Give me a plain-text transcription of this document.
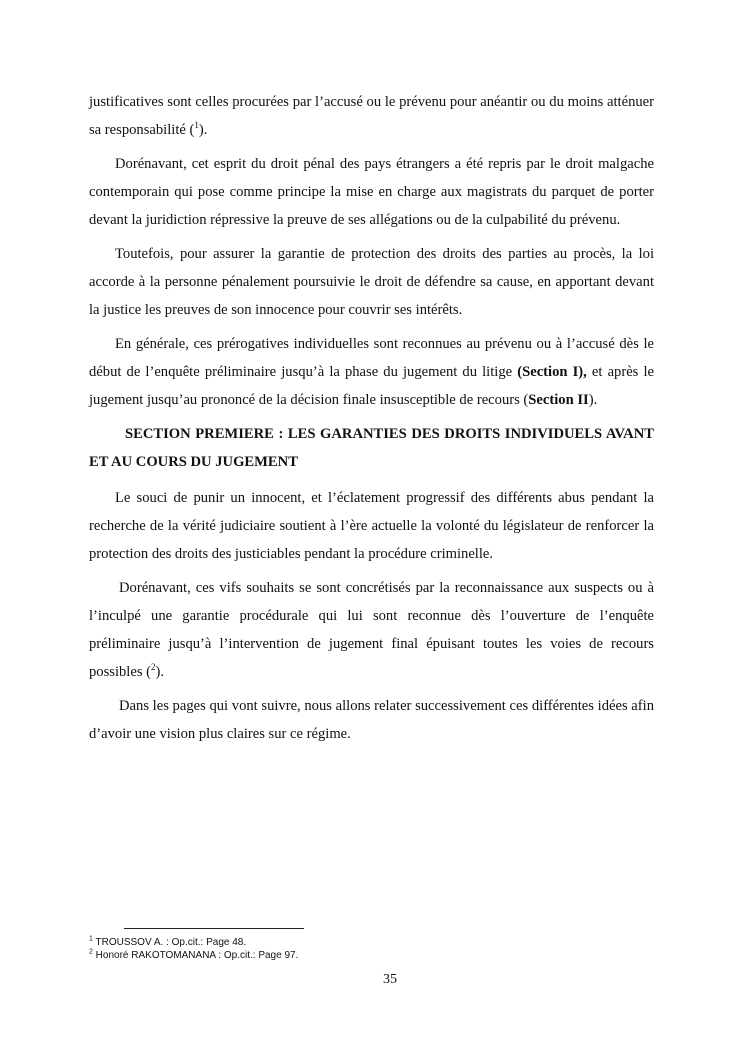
justificatives sont celles procurées par l’accusé ou le prévenu pour anéantir ou du moins atténuer sa responsabilité ($^1$).

Dorénavant, cet esprit du droit pénal des pays étrangers a été repris par le droit malgache contemporain qui pose comme principe la mise en charge aux magistrats du parquet de porter devant la juridiction répressive la preuve de ses allégations ou de la culpabilité du prévenu.

Toutefois, pour assurer la garantie de protection des droits des parties au procès, la loi accorde à la personne pénalement poursuivie le droit de défendre sa cause, en apportant devant la justice les preuves de son innocence pour couvrir ses intérêts.

En générale, ces prérogatives individuelles sont reconnues au prévenu ou à l’accusé dès le début de l’enquête préliminaire jusqu’à la phase du jugement du litige (Section I), et après le jugement jusqu’au prononcé de la décision finale insusceptible de recours (Section II).

SECTION PREMIERE : LES GARANTIES DES DROITS INDIVIDUELS AVANT ET AU COURS DU JUGEMENT

Le souci de punir un innocent, et l’éclatement progressif des différents abus pendant la recherche de la vérité judiciaire soutient à l’ère actuelle la volonté du législateur de renforcer la protection des droits des justiciables pendant la procédure criminelle.

Dorénavant, ces vifs souhaits se sont concrétisés par la reconnaissance aux suspects ou à l’inculpé une garantie procédurale qui lui sont reconnue dès l’ouverture de l’enquête préliminaire jusqu’à l’intervention de jugement final épuisant toutes les voies de recours possibles ($^2$).

Dans les pages qui vont suivre, nous allons relater successivement ces différentes idées afin d’avoir une vision plus claires sur ce régime.

$^1$ TROUSSOV A. : Op.cit.: Page 48.
$^2$ Honoré RAKOTOMANANA : Op.cit.: Page 97.
35
